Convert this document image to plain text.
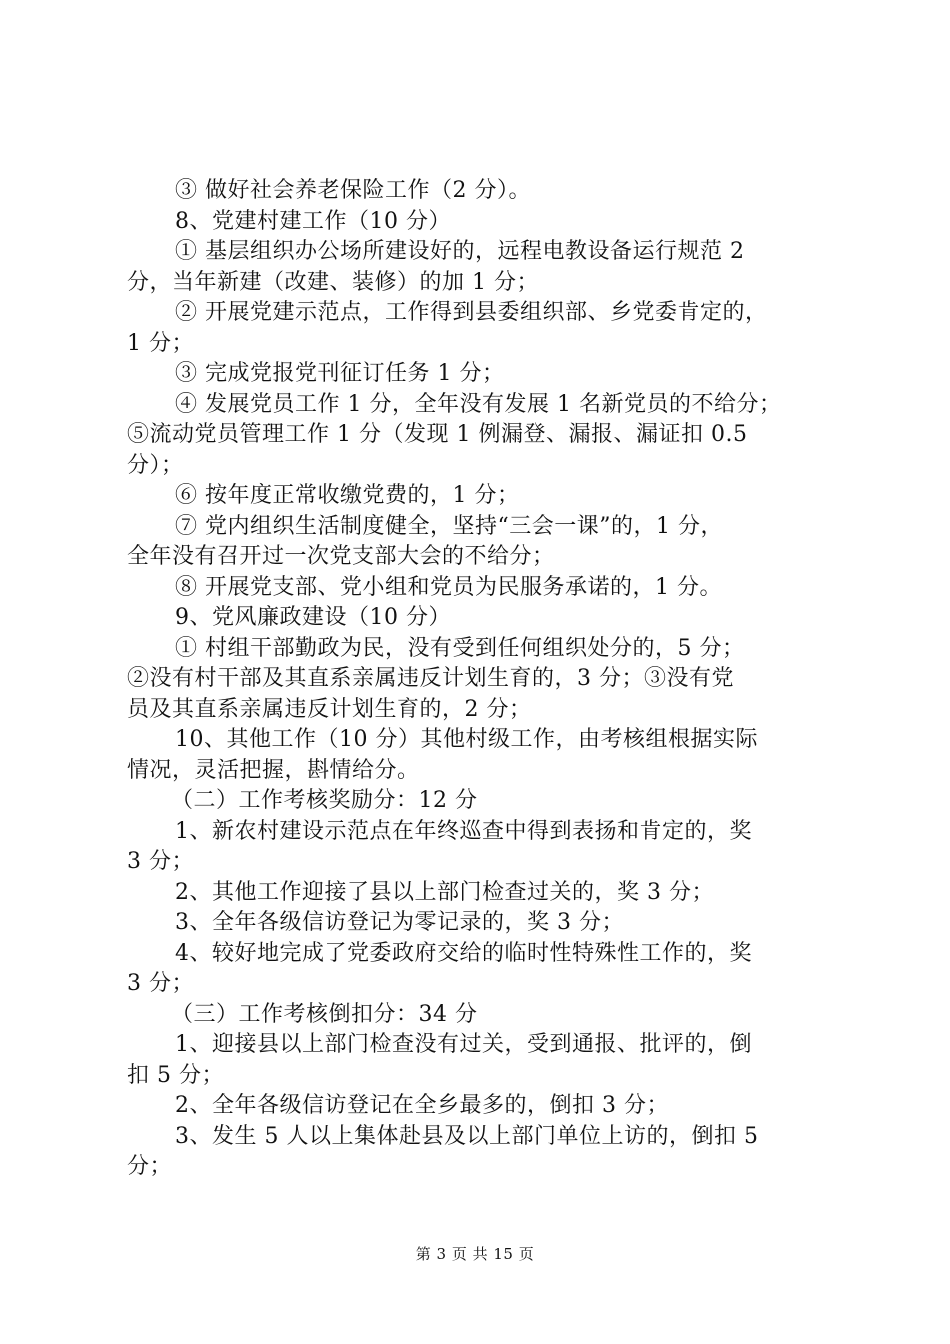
③ 做好社会养老保险工作（2 分）。
8、党建村建工作（10 分）
① 基层组织办公场所建设好的，远程电教设备运行规范 2
分，当年新建（改建、装修）的加 1 分；
② 开展党建示范点，工作得到县委组织部、乡党委肯定的，
1 分；
③ 完成党报党刊征订任务 1 分；
④ 发展党员工作 1 分，全年没有发展 1 名新党员的不给分；
⑤流动党员管理工作 1 分（发现 1 例漏登、漏报、漏证扣 0.5
分）；
⑥ 按年度正常收缴党费的，1 分；
⑦ 党内组织生活制度健全，坚持“三会一课”的，1 分，
全年没有召开过一次党支部大会的不给分；
⑧ 开展党支部、党小组和党员为民服务承诺的，1 分。
9、党风廉政建设（10 分）
① 村组干部勤政为民，没有受到任何组织处分的，5 分；
②没有村干部及其直系亲属违反计划生育的，3 分；③没有党
员及其直系亲属违反计划生育的，2 分；
10、其他工作（10 分）其他村级工作，由考核组根据实际
情况，灵活把握，斟情给分。
（二）工作考核奖励分：12 分
1、新农村建设示范点在年终巡查中得到表扬和肯定的，奖
3 分；
2、其他工作迎接了县以上部门检查过关的，奖 3 分；
3、全年各级信访登记为零记录的，奖 3 分；
4、较好地完成了党委政府交给的临时性特殊性工作的，奖
3 分；
（三）工作考核倒扣分：34 分
1、迎接县以上部门检查没有过关，受到通报、批评的，倒
扣 5 分；
2、全年各级信访登记在全乡最多的，倒扣 3 分；
3、发生 5 人以上集体赴县及以上部门单位上访的，倒扣 5
分；
第 3 页 共 15 页
